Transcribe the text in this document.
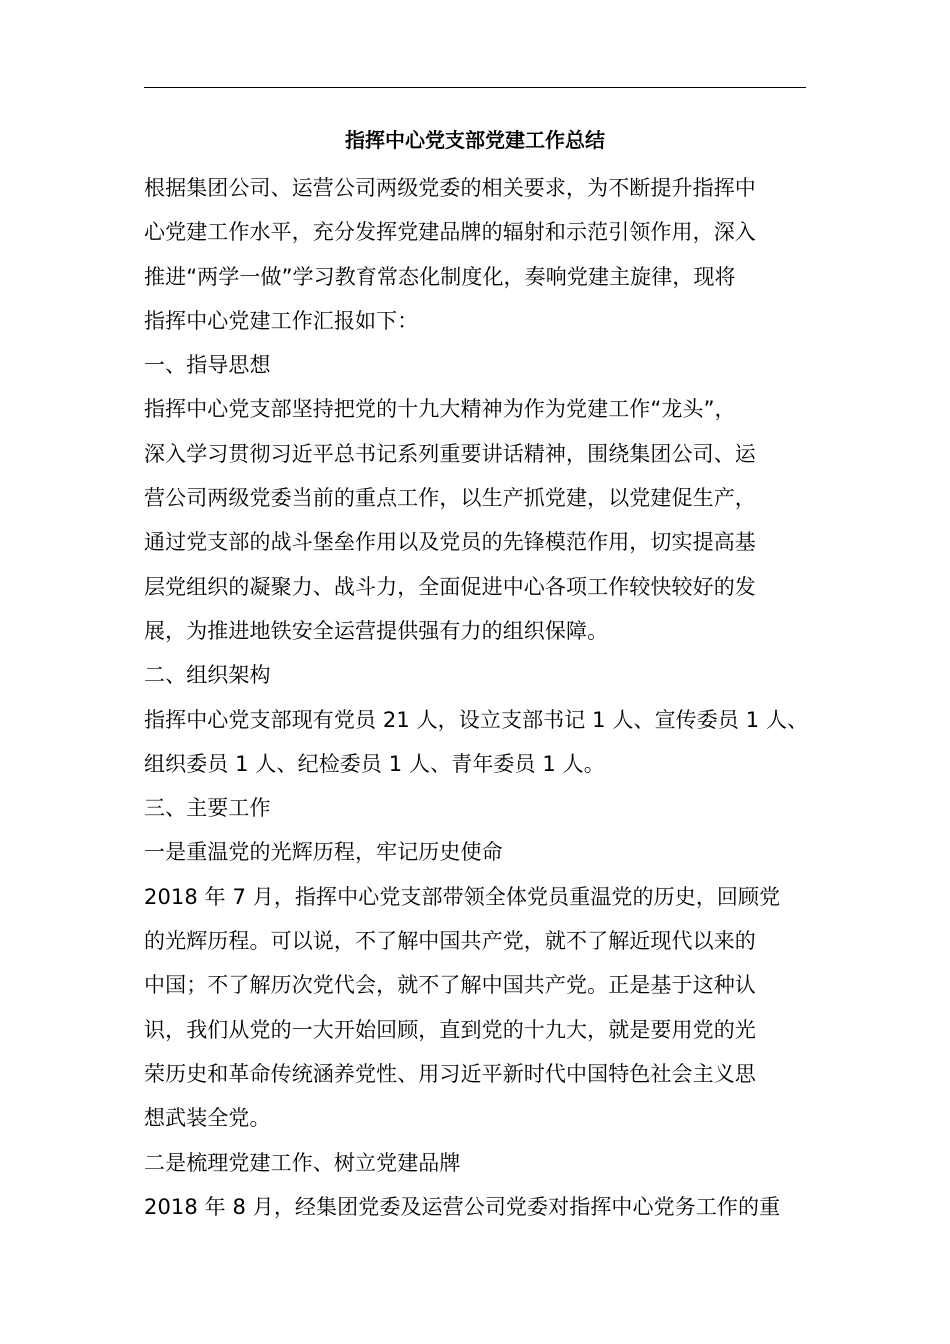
指挥中心党支部党建工作总结
根据集团公司、运营公司两级党委的相关要求，为不断提升指挥中
心党建工作水平，充分发挥党建品牌的辐射和示范引领作用，深入
推进“两学一做”学习教育常态化制度化，奏响党建主旋律，现将
指挥中心党建工作汇报如下：
一、指导思想
指挥中心党支部坚持把党的十九大精神为作为党建工作“龙头”，
深入学习贯彻习近平总书记系列重要讲话精神，围绕集团公司、运
营公司两级党委当前的重点工作，以生产抓党建，以党建促生产，
通过党支部的战斗堡垒作用以及党员的先锋模范作用，切实提高基
层党组织的凝聚力、战斗力，全面促进中心各项工作较快较好的发
展，为推进地铁安全运营提供强有力的组织保障。
二、组织架构
指挥中心党支部现有党员 21 人，设立支部书记 1 人、宣传委员 1 人、
组织委员 1 人、纪检委员 1 人、青年委员 1 人。
三、主要工作
一是重温党的光辉历程，牢记历史使命
2018 年 7 月，指挥中心党支部带领全体党员重温党的历史，回顾党
的光辉历程。可以说，不了解中国共产党，就不了解近现代以来的
中国；不了解历次党代会，就不了解中国共产党。正是基于这种认
识，我们从党的一大开始回顾，直到党的十九大，就是要用党的光
荣历史和革命传统涵养党性、用习近平新时代中国特色社会主义思
想武装全党。
二是梳理党建工作、树立党建品牌
2018 年 8 月，经集团党委及运营公司党委对指挥中心党务工作的重
